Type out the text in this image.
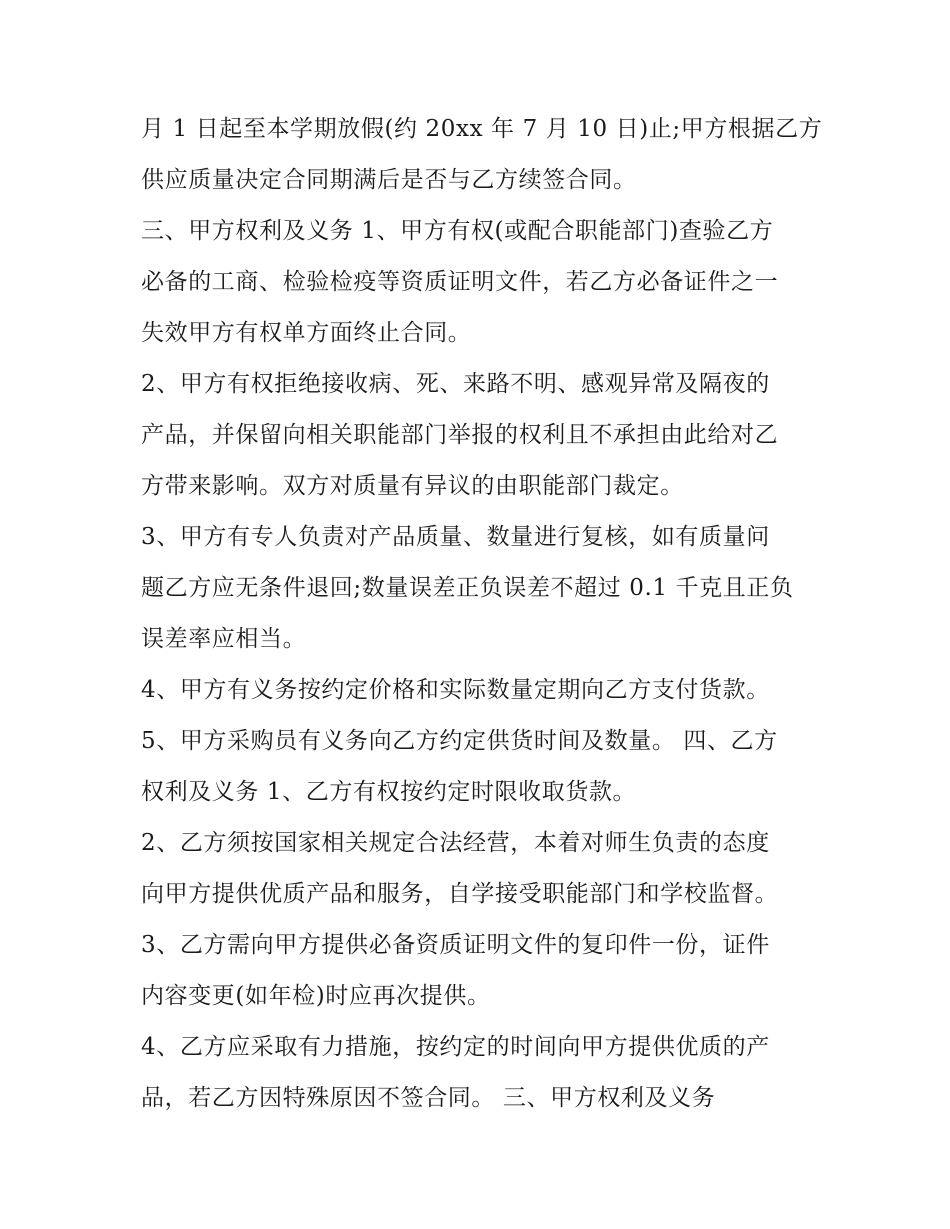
月 1 日起至本学期放假(约 20xx 年 7 月 10 日)止;甲方根据乙方
供应质量决定合同期满后是否与乙方续签合同。
三、甲方权利及义务 1、甲方有权(或配合职能部门)查验乙方
必备的工商、检验检疫等资质证明文件，若乙方必备证件之一
失效甲方有权单方面终止合同。
2、甲方有权拒绝接收病、死、来路不明、感观异常及隔夜的
产品，并保留向相关职能部门举报的权利且不承担由此给对乙
方带来影响。双方对质量有异议的由职能部门裁定。
3、甲方有专人负责对产品质量、数量进行复核，如有质量问
题乙方应无条件退回;数量误差正负误差不超过 0.1 千克且正负
误差率应相当。
4、甲方有义务按约定价格和实际数量定期向乙方支付货款。
5、甲方采购员有义务向乙方约定供货时间及数量。 四、乙方
权利及义务 1、乙方有权按约定时限收取货款。
2、乙方须按国家相关规定合法经营，本着对师生负责的态度
向甲方提供优质产品和服务，自学接受职能部门和学校监督。
3、乙方需向甲方提供必备资质证明文件的复印件一份，证件
内容变更(如年检)时应再次提供。
4、乙方应采取有力措施，按约定的时间向甲方提供优质的产
品，若乙方因特殊原因不签合同。 三、甲方权利及义务
